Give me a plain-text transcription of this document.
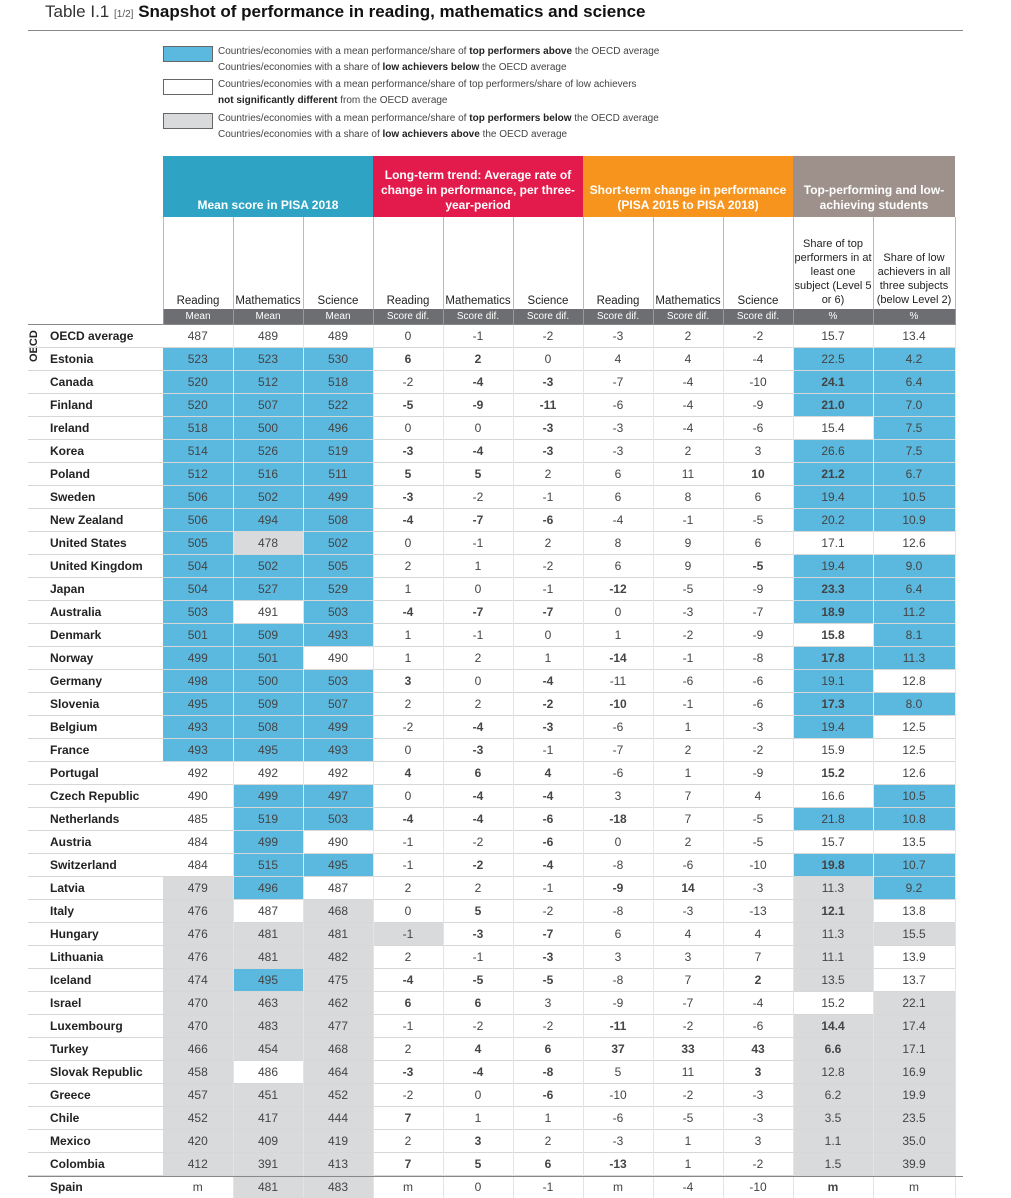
Table I.1 [1/2] Snapshot of performance in reading, mathematics and science
Countries/economies with a mean performance/share of top performers above the OECD average
Countries/economies with a share of low achievers below the OECD average
Countries/economies with a mean performance/share of top performers/share of low achievers
not significantly different from the OECD average
Countries/economies with a mean performance/share of top performers below the OECD average
Countries/economies with a share of low achievers above the OECD average
OECD
	Mean score in PISA 2018			Long-term trend: Average rate of change in performance, per three-year-period			Short-term change in performance (PISA 2015 to PISA 2018)			Top-performing and low-achieving students	
	Reading	Mathematics	Science	Reading	Mathematics	Science	Reading	Mathematics	Science	Share of top performers in at least one subject (Level 5 or 6)	Share of low achievers in all three subjects (below Level 2)
	Mean	Mean	Mean	Score dif.	Score dif.	Score dif.	Score dif.	Score dif.	Score dif.	%	%
OECD average	487	489	489	0	-1	-2	-3	2	-2	15.7	13.4
Estonia	523	523	530	6	2	0	4	4	-4	22.5	4.2
Canada	520	512	518	-2	-4	-3	-7	-4	-10	24.1	6.4
Finland	520	507	522	-5	-9	-11	-6	-4	-9	21.0	7.0
Ireland	518	500	496	0	0	-3	-3	-4	-6	15.4	7.5
Korea	514	526	519	-3	-4	-3	-3	2	3	26.6	7.5
Poland	512	516	511	5	5	2	6	11	10	21.2	6.7
Sweden	506	502	499	-3	-2	-1	6	8	6	19.4	10.5
New Zealand	506	494	508	-4	-7	-6	-4	-1	-5	20.2	10.9
United States	505	478	502	0	-1	2	8	9	6	17.1	12.6
United Kingdom	504	502	505	2	1	-2	6	9	-5	19.4	9.0
Japan	504	527	529	1	0	-1	-12	-5	-9	23.3	6.4
Australia	503	491	503	-4	-7	-7	0	-3	-7	18.9	11.2
Denmark	501	509	493	1	-1	0	1	-2	-9	15.8	8.1
Norway	499	501	490	1	2	1	-14	-1	-8	17.8	11.3
Germany	498	500	503	3	0	-4	-11	-6	-6	19.1	12.8
Slovenia	495	509	507	2	2	-2	-10	-1	-6	17.3	8.0
Belgium	493	508	499	-2	-4	-3	-6	1	-3	19.4	12.5
France	493	495	493	0	-3	-1	-7	2	-2	15.9	12.5
Portugal	492	492	492	4	6	4	-6	1	-9	15.2	12.6
Czech Republic	490	499	497	0	-4	-4	3	7	4	16.6	10.5
Netherlands	485	519	503	-4	-4	-6	-18	7	-5	21.8	10.8
Austria	484	499	490	-1	-2	-6	0	2	-5	15.7	13.5
Switzerland	484	515	495	-1	-2	-4	-8	-6	-10	19.8	10.7
Latvia	479	496	487	2	2	-1	-9	14	-3	11.3	9.2
Italy	476	487	468	0	5	-2	-8	-3	-13	12.1	13.8
Hungary	476	481	481	-1	-3	-7	6	4	4	11.3	15.5
Lithuania	476	481	482	2	-1	-3	3	3	7	11.1	13.9
Iceland	474	495	475	-4	-5	-5	-8	7	2	13.5	13.7
Israel	470	463	462	6	6	3	-9	-7	-4	15.2	22.1
Luxembourg	470	483	477	-1	-2	-2	-11	-2	-6	14.4	17.4
Turkey	466	454	468	2	4	6	37	33	43	6.6	17.1
Slovak Republic	458	486	464	-3	-4	-8	5	11	3	12.8	16.9
Greece	457	451	452	-2	0	-6	-10	-2	-3	6.2	19.9
Chile	452	417	444	7	1	1	-6	-5	-3	3.5	23.5
Mexico	420	409	419	2	3	2	-3	1	3	1.1	35.0
Colombia	412	391	413	7	5	6	-13	1	-2	1.5	39.9
Spain	m	481	483	m	0	-1	m	-4	-10	m	m
